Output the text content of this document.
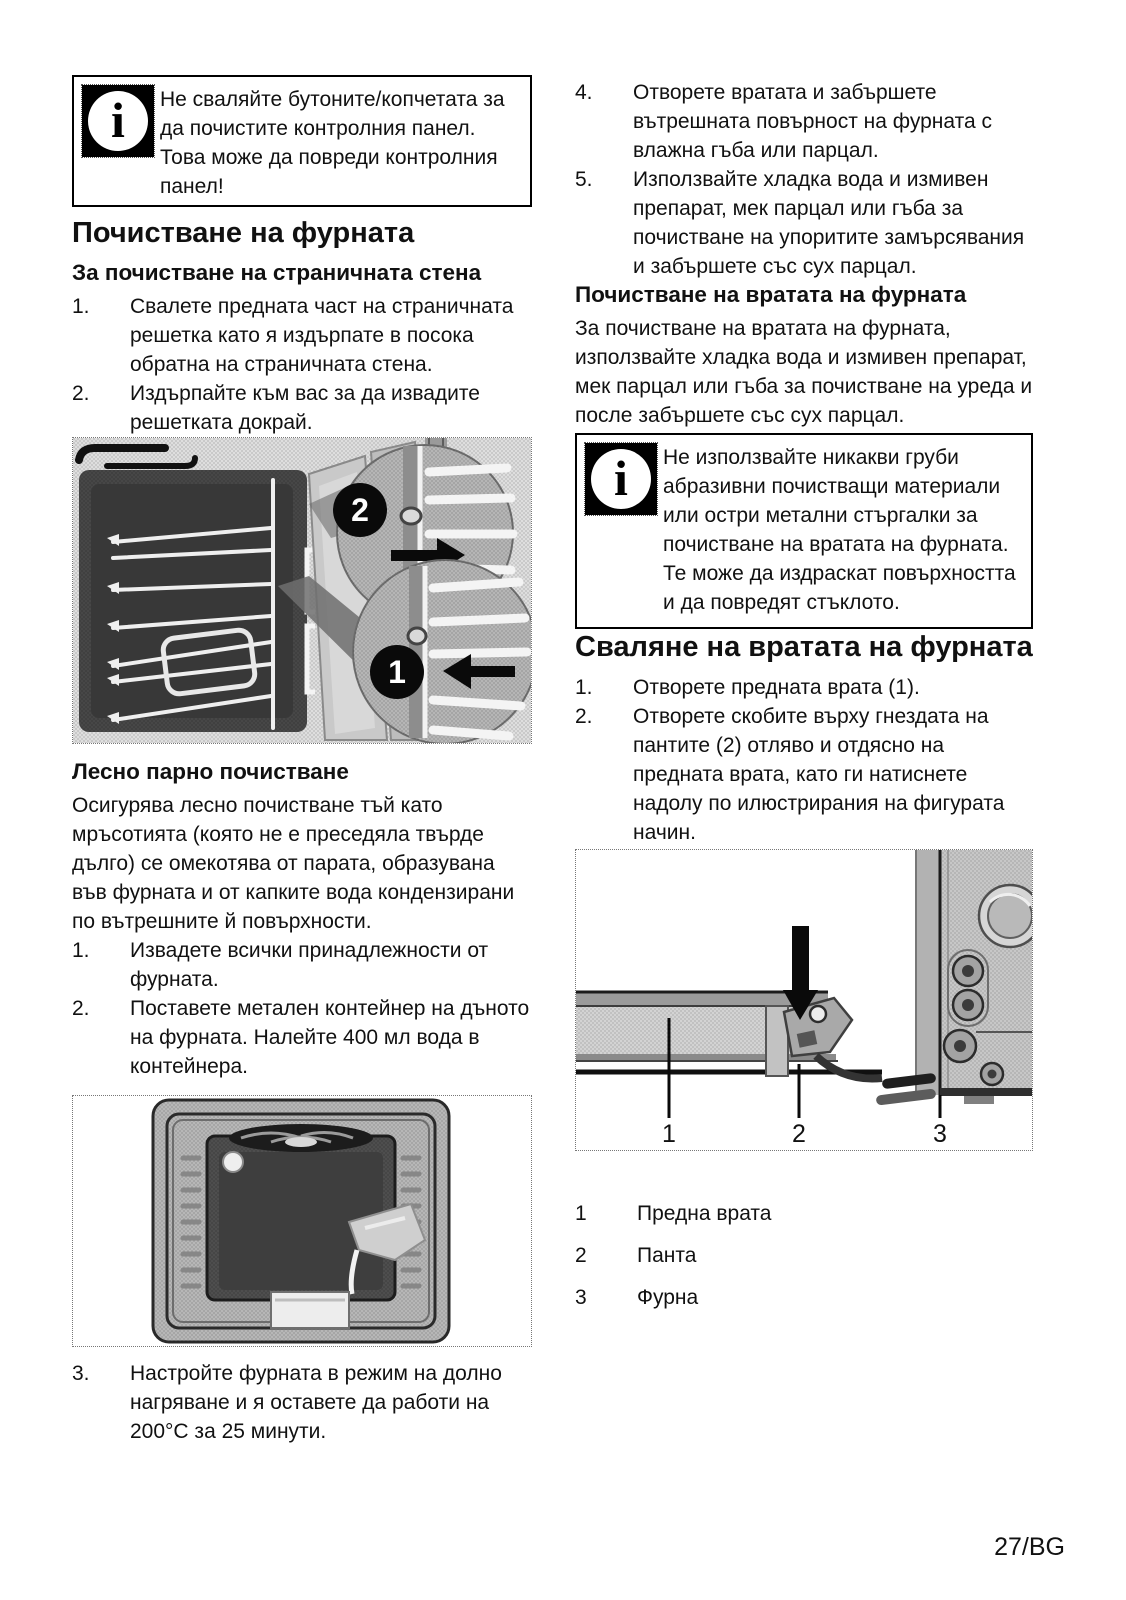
i	Не сваляйте бутоните/копчетата за да почистите контролния панел.
Това може да повреди контролния панел!
Почистване на фурната
За почистване на страничната стена
1.	Свалете предната част на страничната решетка като я издърпате в посока обратна на страничната стена.
2.	Издърпайте към вас за да извадите решетката докрай.
2
1
Лесно парно почистване

Осигурява лесно почистване тъй като мръсотията (която не е преседяла твърде дълго) се омекотява от парата, образувана във фурната и от капките вода кондензирани по вътрешните й повърхности.

1.	Извадете всички принадлежности от фурната.
2.	Поставете метален контейнер на дъното на фурната. Налейте 400 мл вода в контейнера.
3.	Настройте фурната в режим на долно нагряване и я оставете да работи на 200°C за 25 минути.
4.	Отворете вратата и забършете вътрешната повърност на фурната с влажна гъба или парцал.
5.	Използвайте хладка вода и измивен препарат, мек парцал или гъба за почистване на упоритите замърсявания и забършете със сух парцал.
Почистване на вратата на фурната

За почистване на вратата на фурната, използвайте хладка вода и измивен препарат, мек парцал или гъба за почистване на уреда и после забършете със сух парцал.

i	Не използвайте никакви груби абразивни почистващи материали или остри метални стъргалки за почистване на вратата на фурната. Те може да издраскат повърхността и да повредят стъклото.
Сваляне на вратата на фурната
1.	Отворете предната врата (1).
2.	Отворете скобите върху гнездата на пантите (2) отляво и отдясно на предната врата, като ги натиснете надолу по илюстрирания на фигурата начин.
1	2	3
1	Предна врата
2	Панта
3	Фурна
27/BG
